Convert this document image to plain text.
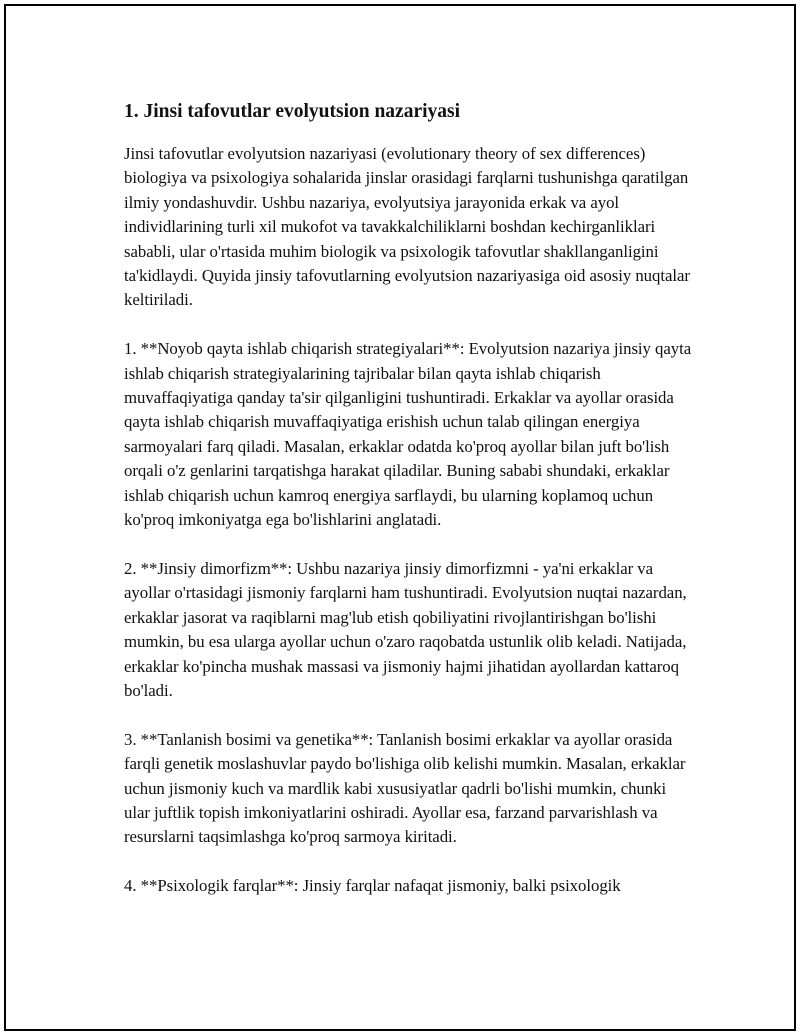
1. Jinsi tafovutlar evolyutsion nazariyasi

Jinsi tafovutlar evolyutsion nazariyasi (evolutionary theory of sex differences) biologiya va psixologiya sohalarida jinslar orasidagi farqlarni tushunishga qaratilgan ilmiy yondashuvdir. Ushbu nazariya, evolyutsiya jarayonida erkak va ayol individlarining turli xil mukofot va tavakkalchiliklarni boshdan kechirganliklari sababli, ular o'rtasida muhim biologik va psixologik tafovutlar shakllanganligini ta'kidlaydi. Quyida jinsiy tafovutlarning evolyutsion nazariyasiga oid asosiy nuqtalar keltiriladi.

1. **Noyob qayta ishlab chiqarish strategiyalari**: Evolyutsion nazariya jinsiy qayta ishlab chiqarish strategiyalarining tajribalar bilan qayta ishlab chiqarish muvaffaqiyatiga qanday ta'sir qilganligini tushuntiradi. Erkaklar va ayollar orasida qayta ishlab chiqarish muvaffaqiyatiga erishish uchun talab qilingan energiya sarmoyalari farq qiladi. Masalan, erkaklar odatda ko'proq ayollar bilan juft bo'lish orqali o'z genlarini tarqatishga harakat qiladilar. Buning sababi shundaki, erkaklar ishlab chiqarish uchun kamroq energiya sarflaydi, bu ularning koplamoq uchun ko'proq imkoniyatga ega bo'lishlarini anglatadi.

2. **Jinsiy dimorfizm**: Ushbu nazariya jinsiy dimorfizmni - ya'ni erkaklar va ayollar o'rtasidagi jismoniy farqlarni ham tushuntiradi. Evolyutsion nuqtai nazardan, erkaklar jasorat va raqiblarni mag'lub etish qobiliyatini rivojlantirishgan bo'lishi mumkin, bu esa ularga ayollar uchun o'zaro raqobatda ustunlik olib keladi. Natijada, erkaklar ko'pincha mushak massasi va jismoniy hajmi jihatidan ayollardan kattaroq bo'ladi.

3. **Tanlanish bosimi va genetika**: Tanlanish bosimi erkaklar va ayollar orasida farqli genetik moslashuvlar paydo bo'lishiga olib kelishi mumkin. Masalan, erkaklar uchun jismoniy kuch va mardlik kabi xususiyatlar qadrli bo'lishi mumkin, chunki ular juftlik topish imkoniyatlarini oshiradi. Ayollar esa, farzand parvarishlash va resurslarni taqsimlashga ko'proq sarmoya kiritadi.

4. **Psixologik farqlar**: Jinsiy farqlar nafaqat jismoniy, balki psixologik
